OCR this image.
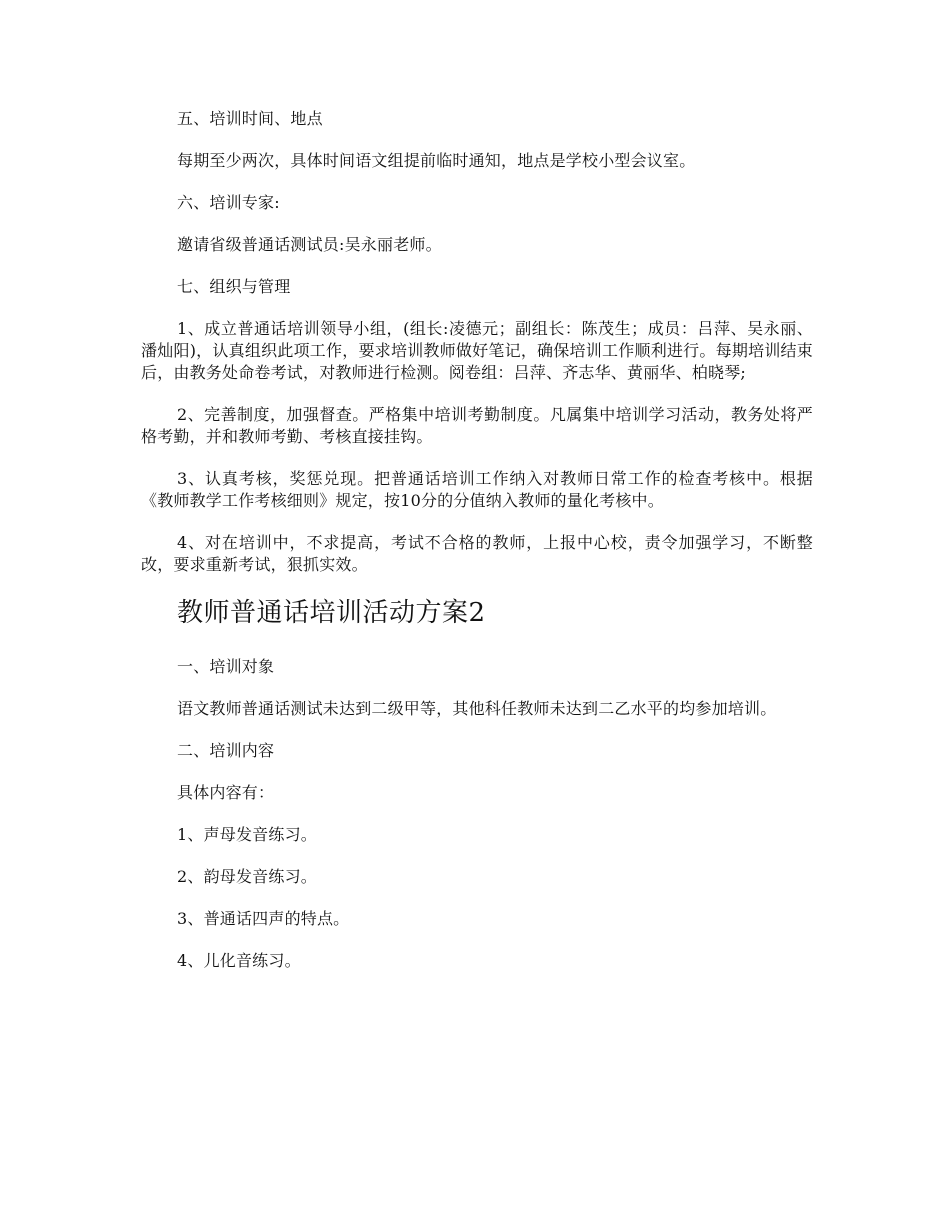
五、培训时间、地点

每期至少两次，具体时间语文组提前临时通知，地点是学校小型会议室。

六、培训专家:

邀请省级普通话测试员:吴永丽老师。

七、组织与管理

1、成立普通话培训领导小组，(组长:凌德元；副组长：陈茂生；成员：吕萍、吴永丽、潘灿阳)，认真组织此项工作，要求培训教师做好笔记，确保培训工作顺利进行。每期培训结束后，由教务处命卷考试，对教师进行检测。阅卷组：吕萍、齐志华、黄丽华、柏晓琴;

2、完善制度，加强督查。严格集中培训考勤制度。凡属集中培训学习活动，教务处将严格考勤，并和教师考勤、考核直接挂钩。

3、认真考核，奖惩兑现。把普通话培训工作纳入对教师日常工作的检查考核中。根据《教师教学工作考核细则》规定，按10分的分值纳入教师的量化考核中。

4、对在培训中，不求提高，考试不合格的教师，上报中心校，责令加强学习，不断整改，要求重新考试，狠抓实效。

教师普通话培训活动方案2

一、培训对象

语文教师普通话测试未达到二级甲等，其他科任教师未达到二乙水平的均参加培训。

二、培训内容

具体内容有：

1、声母发音练习。

2、韵母发音练习。

3、普通话四声的特点。

4、儿化音练习。
